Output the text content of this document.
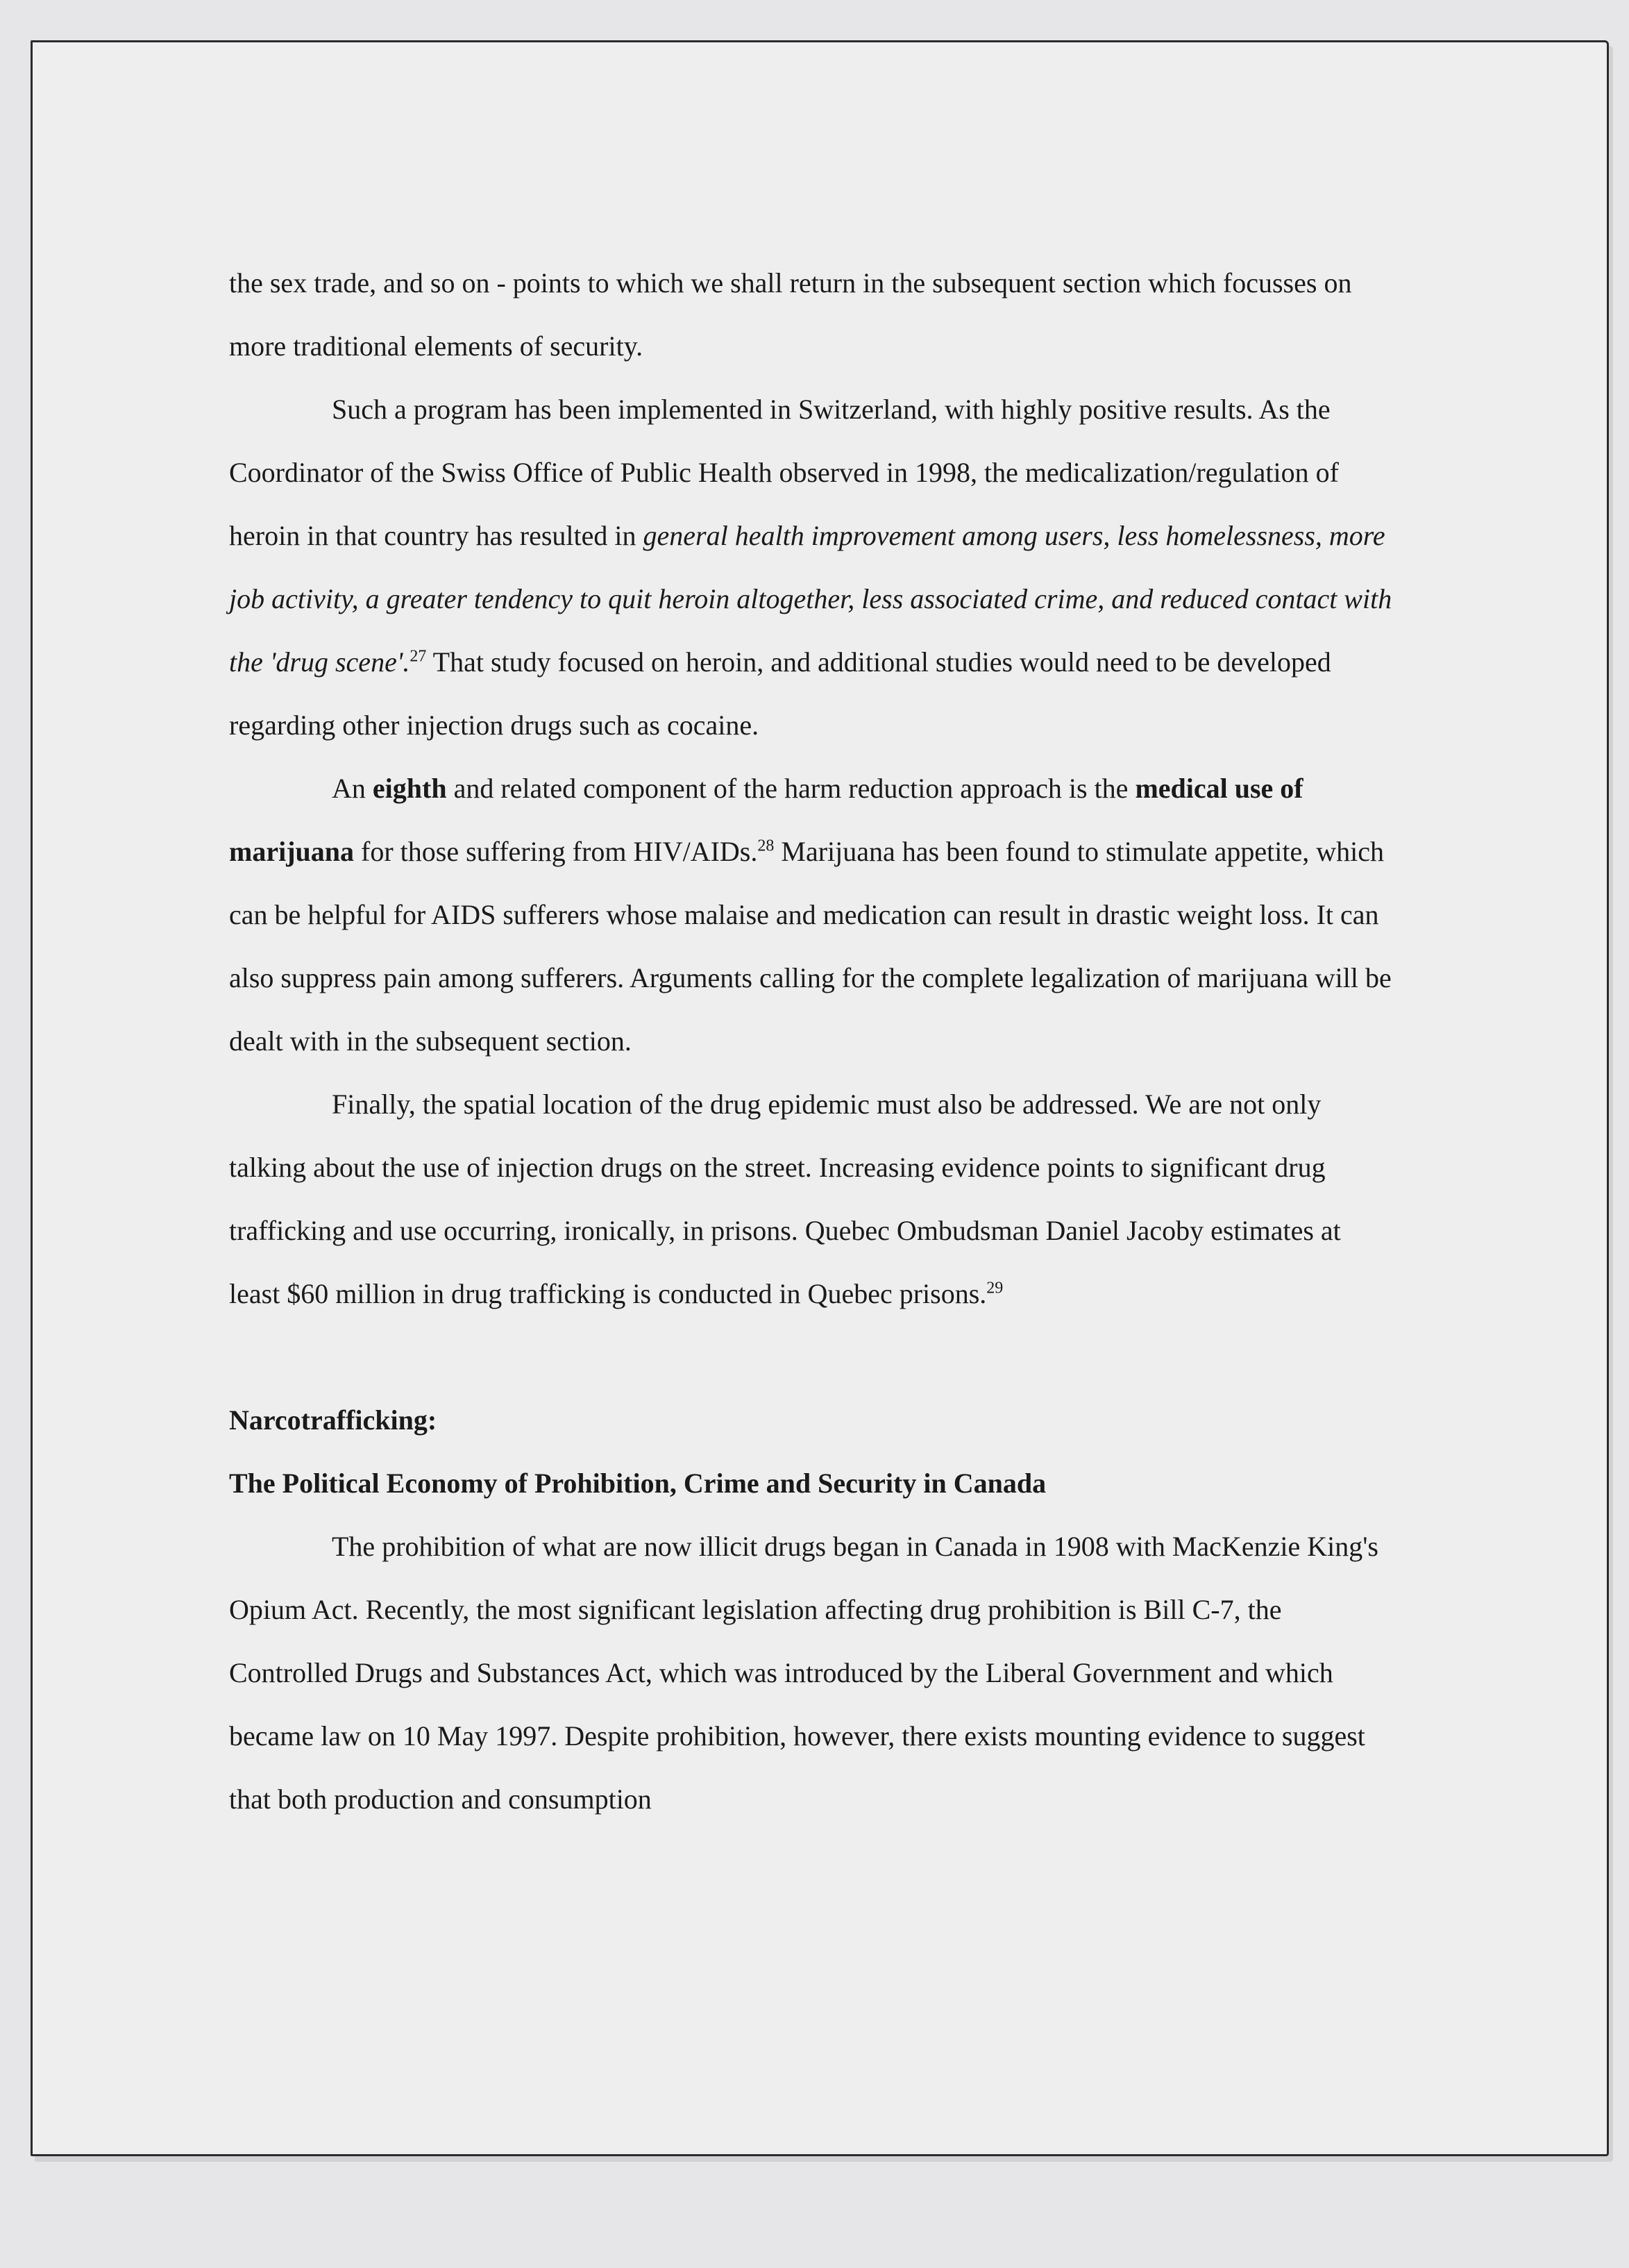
the sex trade, and so on - points to which we shall return in the subsequent section which focusses on more traditional elements of security.

Such a program has been implemented in Switzerland, with highly positive results. As the Coordinator of the Swiss Office of Public Health observed in 1998, the medicalization/regulation of heroin in that country has resulted in general health improvement among users, less homelessness, more job activity, a greater tendency to quit heroin altogether, less associated crime, and reduced contact with the 'drug scene'.$^{27}$ That study focused on heroin, and additional studies would need to be developed regarding other injection drugs such as cocaine.

An eighth and related component of the harm reduction approach is the medical use of marijuana for those suffering from HIV/AIDs.$^{28}$ Marijuana has been found to stimulate appetite, which can be helpful for AIDS sufferers whose malaise and medication can result in drastic weight loss. It can also suppress pain among sufferers. Arguments calling for the complete legalization of marijuana will be dealt with in the subsequent section.

Finally, the spatial location of the drug epidemic must also be addressed. We are not only talking about the use of injection drugs on the street. Increasing evidence points to significant drug trafficking and use occurring, ironically, in prisons. Quebec Ombudsman Daniel Jacoby estimates at least $60 million in drug trafficking is conducted in Quebec prisons.$^{29}$

Narcotrafficking:

The Political Economy of Prohibition, Crime and Security in Canada

The prohibition of what are now illicit drugs began in Canada in 1908 with MacKenzie King's Opium Act. Recently, the most significant legislation affecting drug prohibition is Bill C-7, the Controlled Drugs and Substances Act, which was introduced by the Liberal Government and which became law on 10 May 1997. Despite prohibition, however, there exists mounting evidence to suggest that both production and consumption
